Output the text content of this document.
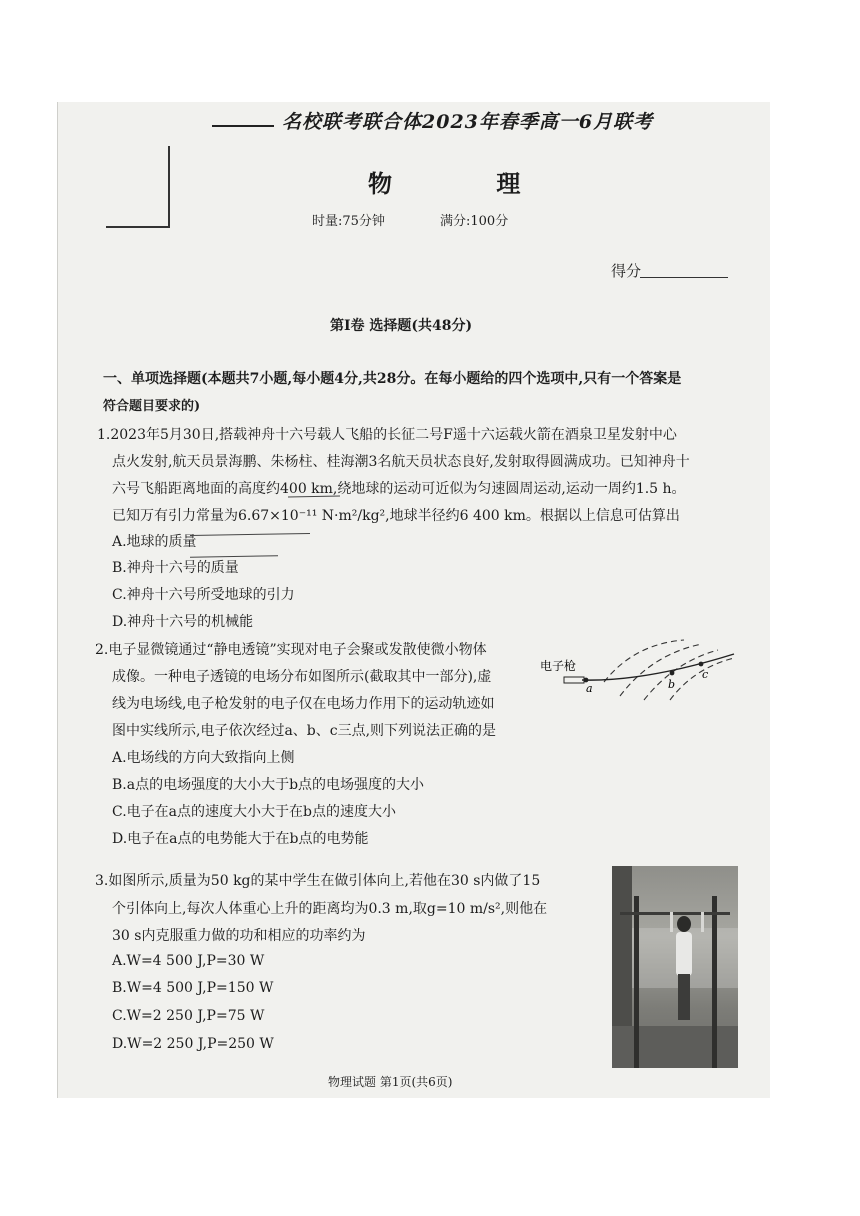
名校联考联合体2023年春季高一6月联考
物 理
时量:75分钟	满分:100分
得分
第Ⅰ卷 选择题(共48分)
一、单项选择题(本题共7小题,每小题4分,共28分。在每小题给的四个选项中,只有一个答案是
符合题目要求的)
1.2023年5月30日,搭载神舟十六号载人飞船的长征二号F遥十六运载火箭在酒泉卫星发射中心
点火发射,航天员景海鹏、朱杨柱、桂海潮3名航天员状态良好,发射取得圆满成功。已知神舟十
六号飞船距离地面的高度约400 km,绕地球的运动可近似为匀速圆周运动,运动一周约1.5 h。
已知万有引力常量为6.67×10⁻¹¹ N·m²/kg²,地球半径约6 400 km。根据以上信息可估算出
A.地球的质量
B.神舟十六号的质量
C.神舟十六号所受地球的引力
D.神舟十六号的机械能
2.电子显微镜通过“静电透镜”实现对电子会聚或发散使微小物体
成像。一种电子透镜的电场分布如图所示(截取其中一部分),虚
线为电场线,电子枪发射的电子仅在电场力作用下的运动轨迹如
图中实线所示,电子依次经过a、b、c三点,则下列说法正确的是
A.电场线的方向大致指向上侧
B.a点的电场强度的大小大于b点的电场强度的大小
C.电子在a点的速度大小大于在b点的速度大小
D.电子在a点的电势能大于在b点的电势能
电子枪
a	b
c
3.如图所示,质量为50 kg的某中学生在做引体向上,若他在30 s内做了15
个引体向上,每次人体重心上升的距离均为0.3 m,取g=10 m/s²,则他在
30 s内克服重力做的功和相应的功率约为
A.W=4 500 J,P=30 W
B.W=4 500 J,P=150 W
C.W=2 250 J,P=75 W
D.W=2 250 J,P=250 W
物理试题 第1页(共6页)
